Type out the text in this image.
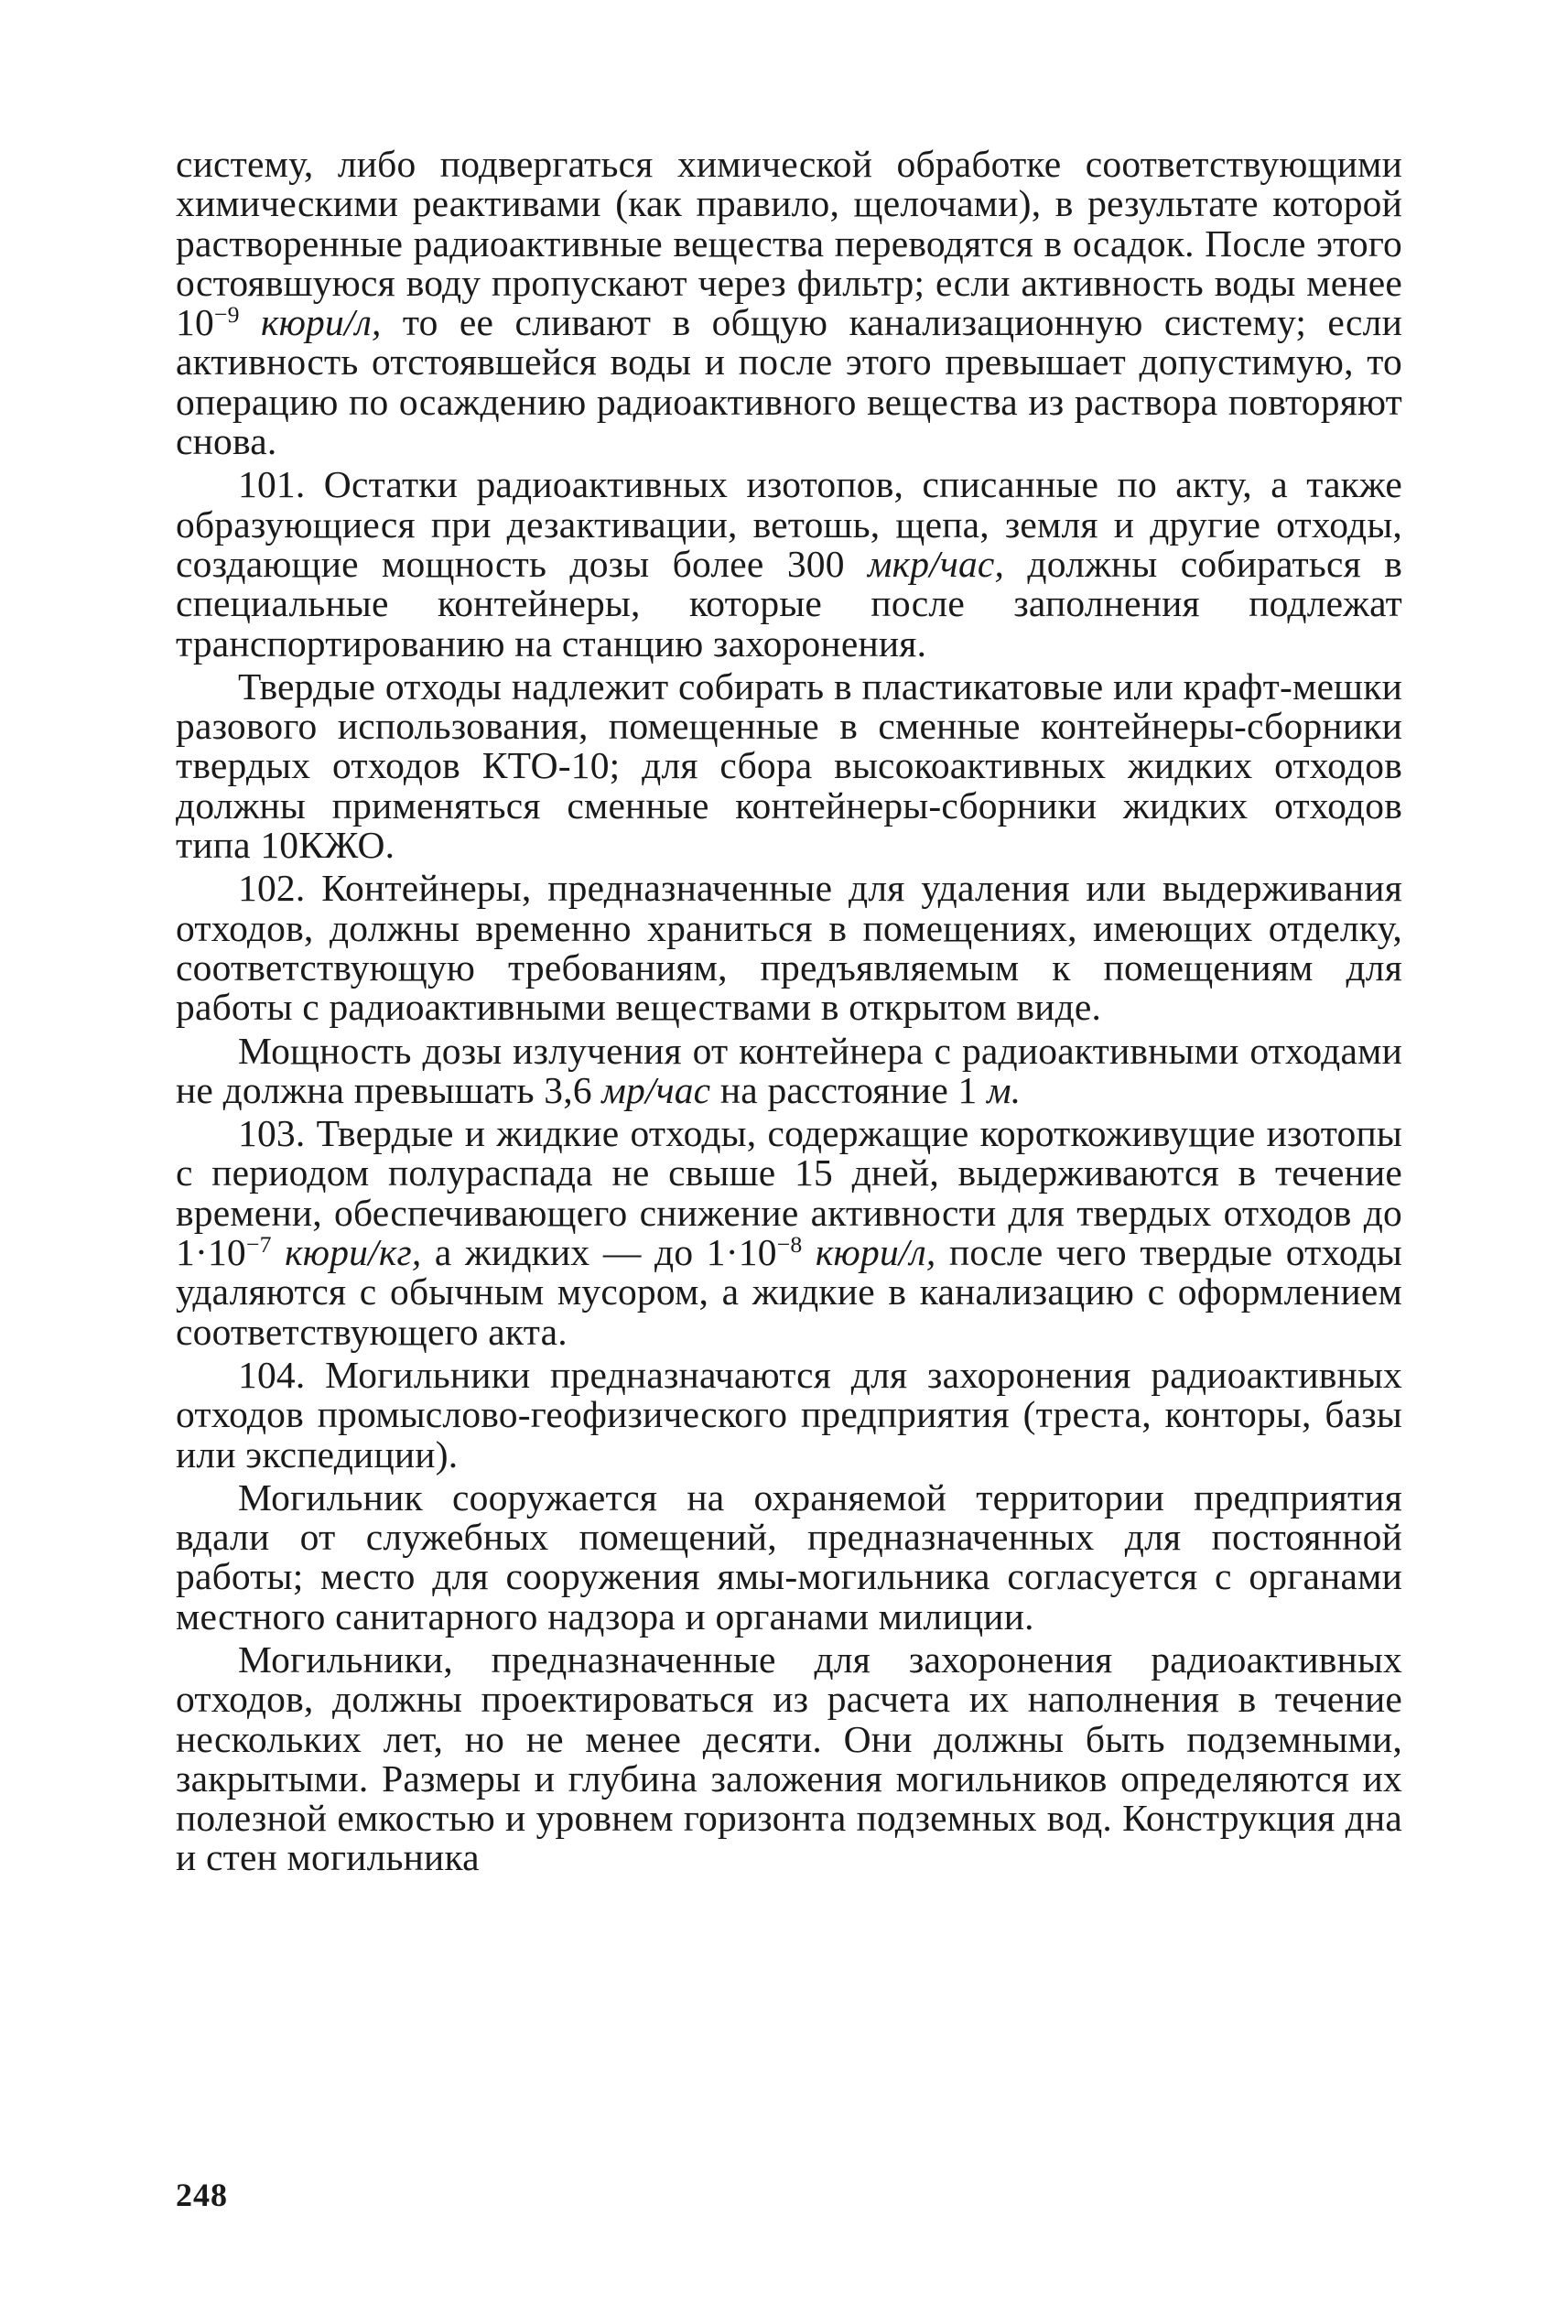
систему, либо подвергаться химической обработке соответствующими химическими реактивами (как правило, щелочами), в результате которой растворенные радиоактивные вещества переводятся в осадок. После этого остоявшуюся воду пропускают через фильтр; если активность воды менее $10^{-9}$ кюри/л, то ее сливают в общую канализационную систему; если активность отстоявшейся воды и после этого превышает допустимую, то операцию по осаждению радиоактивного вещества из раствора повторяют снова.

101. Остатки радиоактивных изотопов, списанные по акту, а также образующиеся при дезактивации, ветошь, щепа, земля и другие отходы, создающие мощность дозы более 300 мкр/час, должны собираться в специальные контейнеры, которые после заполнения подлежат транспортированию на станцию захоронения.

Твердые отходы надлежит собирать в пластикатовые или крафт-мешки разового использования, помещенные в сменные контейнеры-сборники твердых отходов КТО-10; для сбора высокоактивных жидких отходов должны применяться сменные контейнеры-сборники жидких отходов типа 10КЖО.

102. Контейнеры, предназначенные для удаления или выдерживания отходов, должны временно храниться в помещениях, имеющих отделку, соответствующую требованиям, предъявляемым к помещениям для работы с радиоактивными веществами в открытом виде.

Мощность дозы излучения от контейнера с радиоактивными отходами не должна превышать 3,6 мр/час на расстояние 1 м.

103. Твердые и жидкие отходы, содержащие короткоживущие изотопы с периодом полураспада не свыше 15 дней, выдерживаются в течение времени, обеспечивающего снижение активности для твердых отходов до $1\cdot 10^{-7}$ кюри/кг, а жидких — до $1\cdot 10^{-8}$ кюри/л, после чего твердые отходы удаляются с обычным мусором, а жидкие в канализацию с оформлением соответствующего акта.

104. Могильники предназначаются для захоронения радиоактивных отходов промыслово-геофизического предприятия (треста, конторы, базы или экспедиции).

Могильник сооружается на охраняемой территории предприятия вдали от служебных помещений, предназначенных для постоянной работы; место для сооружения ямы-могильника согласуется с органами местного санитарного надзора и органами милиции.

Могильники, предназначенные для захоронения радиоактивных отходов, должны проектироваться из расчета их наполнения в течение нескольких лет, но не менее десяти. Они должны быть подземными, закрытыми. Размеры и глубина заложения могильников определяются их полезной емкостью и уровнем горизонта подземных вод. Конструкция дна и стен могильника

248
